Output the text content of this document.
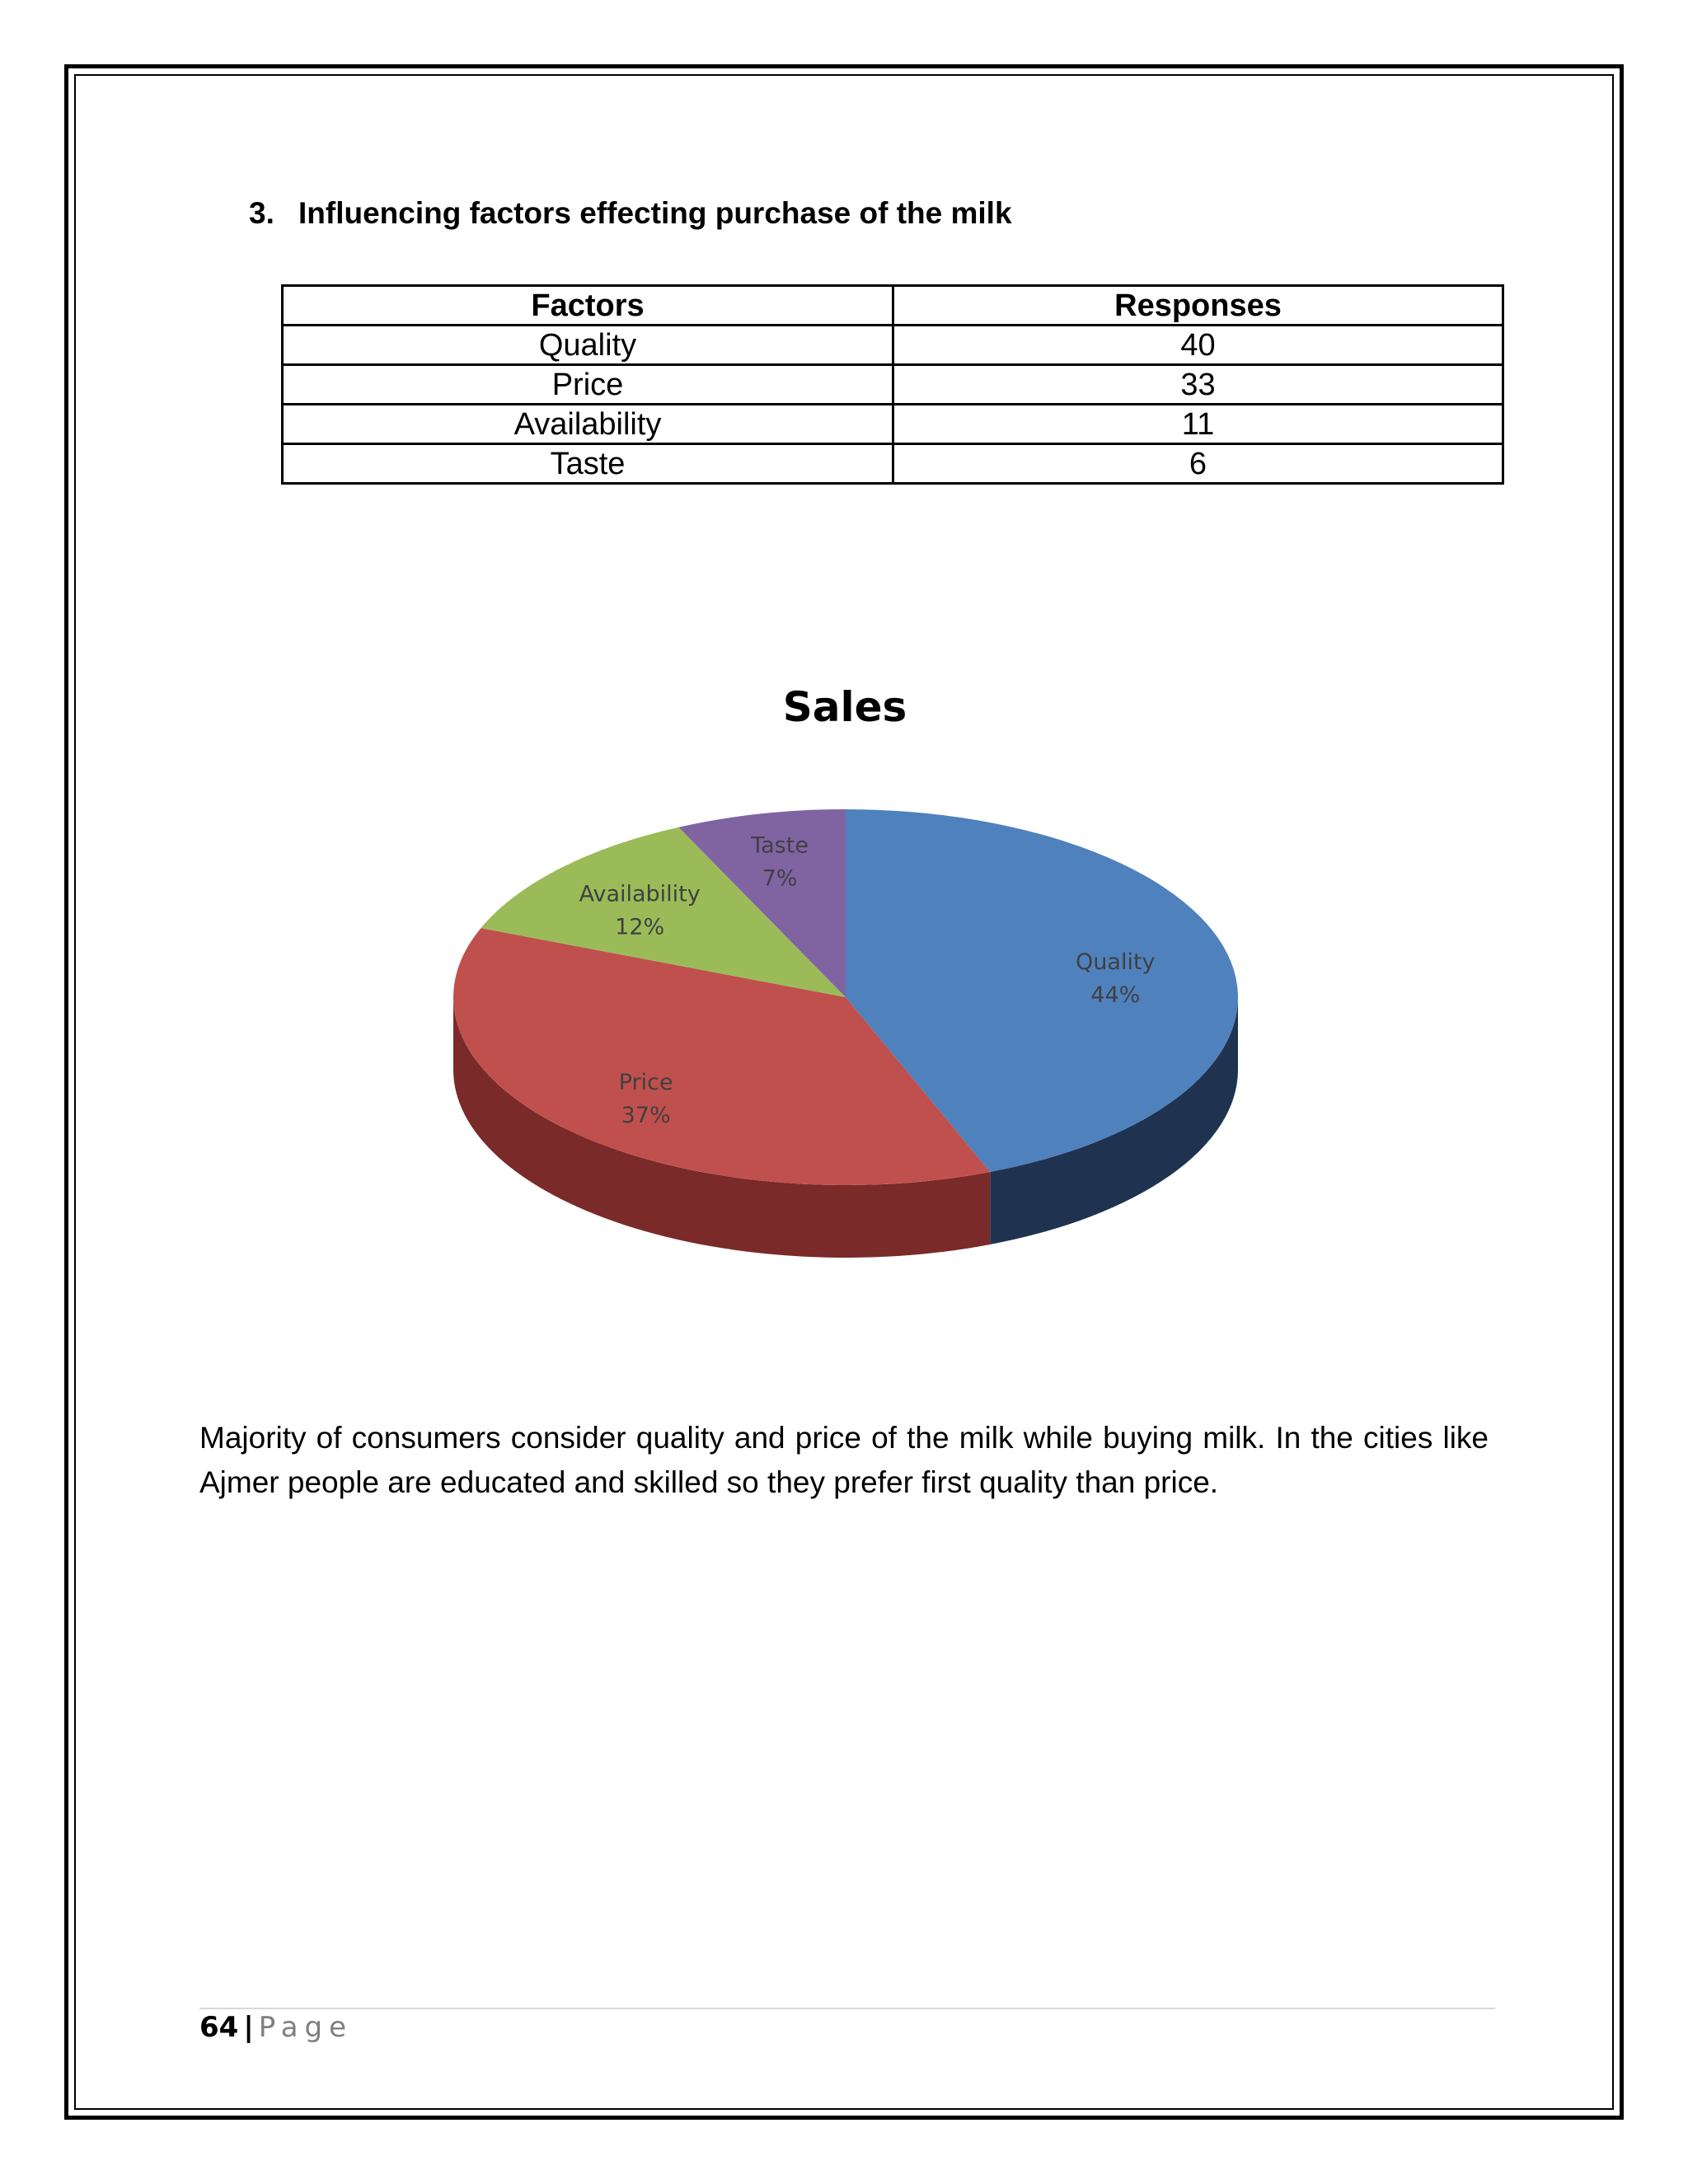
3. Influencing factors effecting purchase of the milk
Factors	Responses
Quality	40
Price	33
Availability	11
Taste	6
Sales
Quality
44%
Price
37%
Availability
12%
Taste
7%
Majority of consumers consider quality and price of the milk while buying milk. In the cities like Ajmer people are educated and skilled so they prefer first quality than price.
64 | Page
